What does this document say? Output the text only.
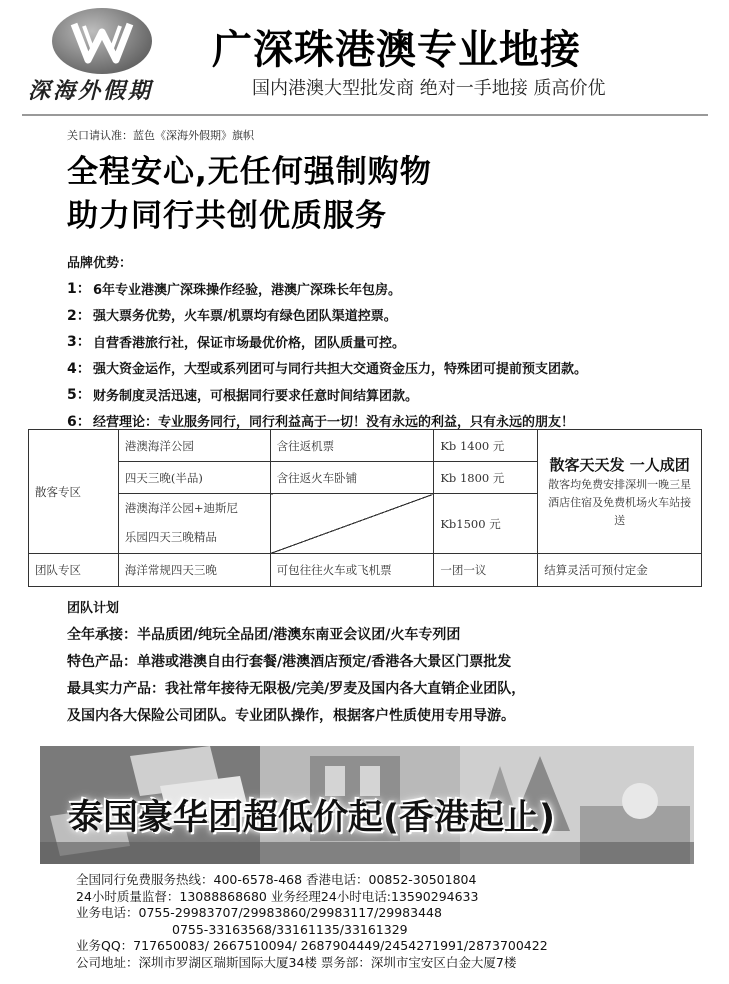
深海外假期
广深珠港澳专业地接
国内港澳大型批发商 绝对一手地接 质高价优
关口请认准：蓝色《深海外假期》旗帜
全程安心,无任何强制购物
助力同行共创优质服务
品牌优势：
1： 6年专业港澳广深珠操作经验，港澳广深珠长年包房。
2： 强大票务优势，火车票/机票均有绿色团队渠道控票。
3： 自营香港旅行社，保证市场最优价格，团队质量可控。
4： 强大资金运作，大型或系列团可与同行共担大交通资金压力，特殊团可提前预支团款。
5： 财务制度灵活迅速，可根据同行要求任意时间结算团款。
6： 经营理论：专业服务同行，同行利益高于一切！没有永远的利益，只有永远的朋友！
散客专区	港澳海洋公园	含往返机票	Kb 1400 元	散客天天发 一人成团
散客均免费安排深圳一晚三星酒店住宿及免费机场火车站接送

	四天三晚(半品)	含往返火车卧铺	Kb 1800 元	
	港澳海洋公园+迪斯尼		Kb1500 元	
	乐园四天三晚精品			
团队专区	海洋常规四天三晚	可包往往火车或飞机票	一团一议	结算灵活可预付定金
团队计划
全年承接：半品质团/纯玩全品团/港澳东南亚会议团/火车专列团
特色产品：单港或港澳自由行套餐/港澳酒店预定/香港各大景区门票批发
最具实力产品：我社常年接待无限极/完美/罗麦及国内各大直销企业团队，
及国内各大保险公司团队。专业团队操作，根据客户性质使用专用导游。
泰国豪华团超低价起(香港起止)
全国同行免费服务热线：400-6578-468 香港电话：00852-30501804
24小时质量监督：13088868680 业务经理24小时电话:13590294633
业务电话：0755-29983707/29983860/29983117/29983448
0755-33163568/33161135/33161329
业务QQ：717650083/ 2667510094/ 2687904449/2454271991/2873700422
公司地址：深圳市罗湖区瑞斯国际大厦34楼 票务部：深圳市宝安区白金大厦7楼
